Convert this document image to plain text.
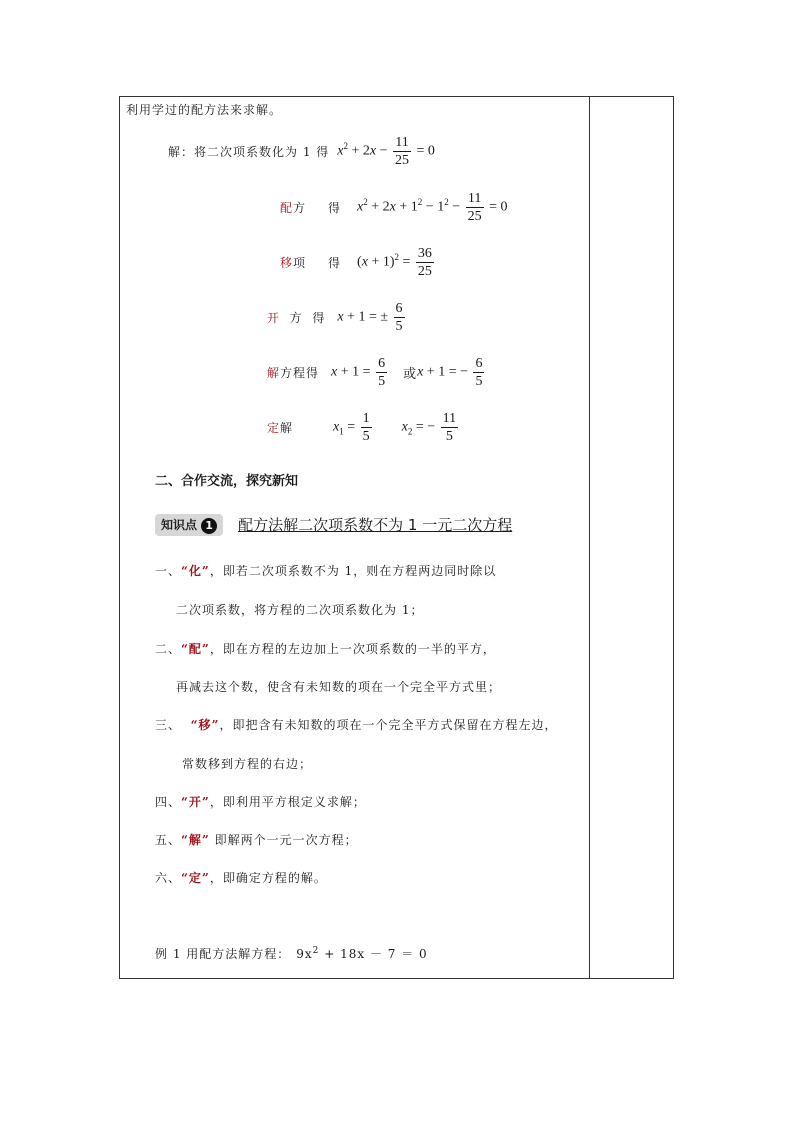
利用学过的配方法来求解。
解：将二次项系数化为 1 得 $x^2 + 2x - \frac{11}{25} = 0$
配方 得 $x^2 + 2x + 1^2 - 1^2 - \frac{11}{25} = 0$
移项 得 $(x + 1)^2 = \frac{36}{25}$
开 方 得 x + 1 = ± $\frac{6}{5}$
解方程得 $x + 1 = \frac{6}{5}$ 或 x + 1 = − $\frac{6}{5}$
定解	$x_1 = \frac{1}{5} x_2$ = − $\frac{11}{5}$
二、合作交流，探究新知
知识点 1 配方法解二次项系数不为 1 一元二次方程
一、“化”，即若二次项系数不为 1，则在方程两边同时除以
二次项系数，将方程的二次项系数化为 1；
二、“配”，即在方程的左边加上一次项系数的一半的平方，
再减去这个数，使含有未知数的项在一个完全平方式里；
三、 “移”，即把含有未知数的项在一个完全平方式保留在方程左边，
常数移到方程的右边；
四、“开”，即利用平方根定义求解；
五、“解” 即解两个一元一次方程；
六、“定”，即确定方程的解。
例 1 用配方法解方程： $9x^2 + 18x - 7 = 0$
